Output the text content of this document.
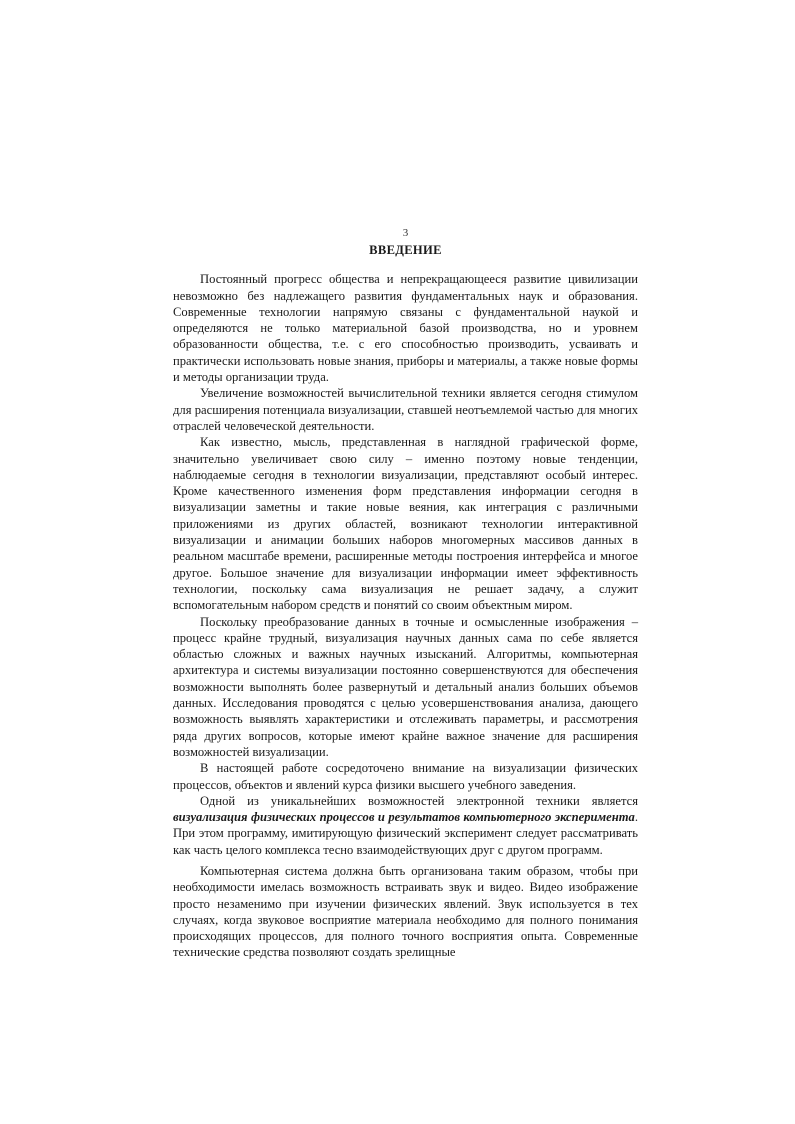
3
ВВЕДЕНИЕ

Постоянный прогресс общества и непрекращающееся развитие цивилизации невозможно без надлежащего развития фундаментальных наук и образования. Современные технологии напрямую связаны с фундаментальной наукой и определяются не только материальной базой производства, но и уровнем образованности общества, т.е. с его способностью производить, усваивать и практически использовать новые знания, приборы и материалы, а также новые формы и методы организации труда.

Увеличение возможностей вычислительной техники является сегодня стимулом для расширения потенциала визуализации, ставшей неотъемлемой частью для многих отраслей человеческой деятельности.

Как известно, мысль, представленная в наглядной графической форме, значительно увеличивает свою силу – именно поэтому новые тенденции, наблюдаемые сегодня в технологии визуализации, представляют особый интерес. Кроме качественного изменения форм представления информации сегодня в визуализации заметны и такие новые веяния, как интеграция с различными приложениями из других областей, возникают технологии интерактивной визуализации и анимации больших наборов многомерных массивов данных в реальном масштабе времени, расширенные методы построения интерфейса и многое другое. Большое значение для визуализации информации имеет эффективность технологии, поскольку сама визуализация не решает задачу, а служит вспомогательным набором средств и понятий со своим объектным миром.

Поскольку преобразование данных в точные и осмысленные изображения – процесс крайне трудный, визуализация научных данных сама по себе является областью сложных и важных научных изысканий. Алгоритмы, компьютерная архитектура и системы визуализации постоянно совершенствуются для обеспечения возможности выполнять более развернутый и детальный анализ больших объемов данных. Исследования проводятся с целью усовершенствования анализа, дающего возможность выявлять характеристики и отслеживать параметры, и рассмотрения ряда других вопросов, которые имеют крайне важное значение для расширения возможностей визуализации.

В настоящей работе сосредоточено внимание на визуализации физических процессов, объектов и явлений курса физики высшего учебного заведения.

Одной из уникальнейших возможностей электронной техники является визуализация физических процессов и результатов компьютерного эксперимента. При этом программу, имитирующую физический эксперимент следует рассматривать как часть целого комплекса тесно взаимодействующих друг с другом программ.

Компьютерная система должна быть организована таким образом, чтобы при необходимости имелась возможность встраивать звук и видео. Видео изображение просто незаменимо при изучении физических явлений. Звук используется в тех случаях, когда звуковое восприятие материала необходимо для полного понимания происходящих процессов, для полного точного восприятия опыта. Современные технические средства позволяют создать зрелищные
